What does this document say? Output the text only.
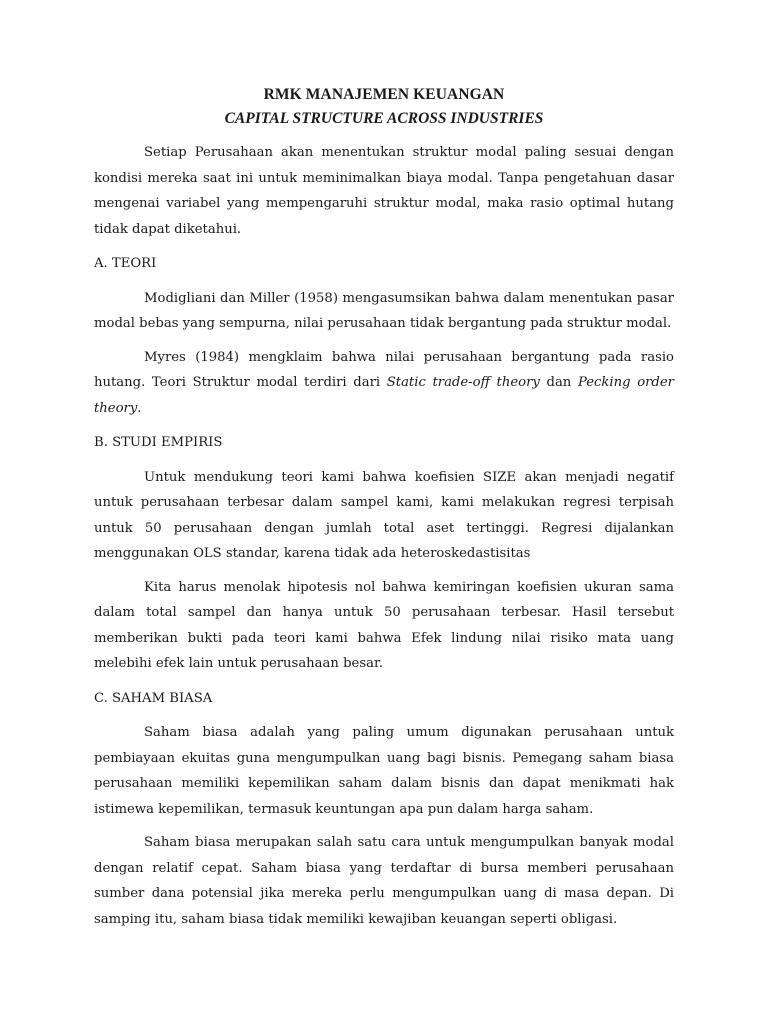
RMK MANAJEMEN KEUANGAN
CAPITAL STRUCTURE ACROSS INDUSTRIES

Setiap Perusahaan akan menentukan struktur modal paling sesuai dengan kondisi mereka saat ini untuk meminimalkan biaya modal. Tanpa pengetahuan dasar mengenai variabel yang mempengaruhi struktur modal, maka rasio optimal hutang tidak dapat diketahui.

A. TEORI

Modigliani dan Miller (1958) mengasumsikan bahwa dalam menentukan pasar modal bebas yang sempurna, nilai perusahaan tidak bergantung pada struktur modal.

Myres (1984) mengklaim bahwa nilai perusahaan bergantung pada rasio hutang. Teori Struktur modal terdiri dari Static trade-off theory dan Pecking order theory.

B. STUDI EMPIRIS

Untuk mendukung teori kami bahwa koefisien SIZE akan menjadi negatif untuk perusahaan terbesar dalam sampel kami, kami melakukan regresi terpisah untuk 50 perusahaan dengan jumlah total aset tertinggi. Regresi dijalankan menggunakan OLS standar, karena tidak ada heteroskedastisitas

Kita harus menolak hipotesis nol bahwa kemiringan koefisien ukuran sama dalam total sampel dan hanya untuk 50 perusahaan terbesar. Hasil tersebut memberikan bukti pada teori kami bahwa Efek lindung nilai risiko mata uang melebihi efek lain untuk perusahaan besar.

C. SAHAM BIASA

Saham biasa adalah yang paling umum digunakan perusahaan untuk pembiayaan ekuitas guna mengumpulkan uang bagi bisnis. Pemegang saham biasa perusahaan memiliki kepemilikan saham dalam bisnis dan dapat menikmati hak istimewa kepemilikan, termasuk keuntungan apa pun dalam harga saham.

Saham biasa merupakan salah satu cara untuk mengumpulkan banyak modal dengan relatif cepat. Saham biasa yang terdaftar di bursa memberi perusahaan sumber dana potensial jika mereka perlu mengumpulkan uang di masa depan. Di samping itu, saham biasa tidak memiliki kewajiban keuangan seperti obligasi.
